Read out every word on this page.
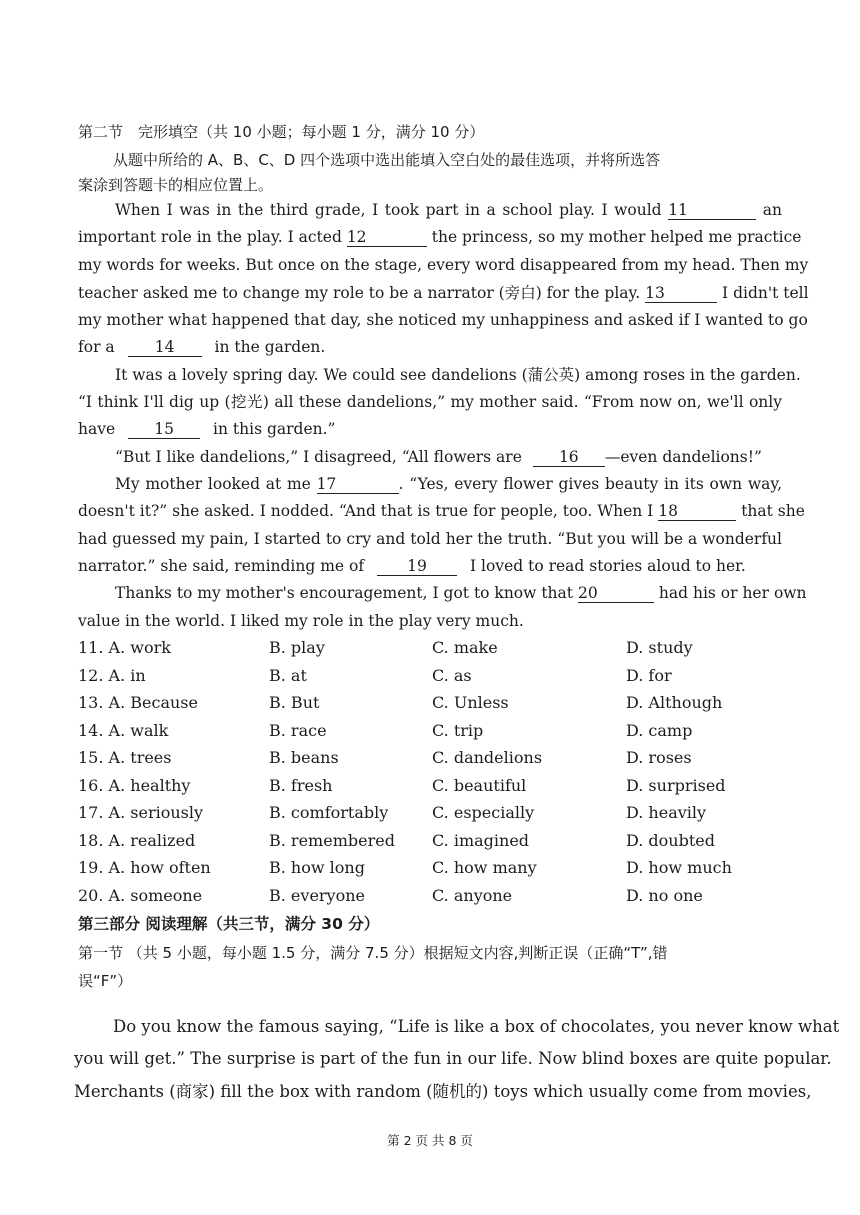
第二节　完形填空（共 10 小题；每小题 1 分，满分 10 分）
从题中所给的 A、B、C、D 四个选项中选出能填入空白处的最佳选项，并将所选答
案涂到答题卡的相应位置上。
When I was in the third grade, I took part in a school play. I would 11	an
important role in the play. I acted 12	the princess, so my mother helped me practice
my words for weeks. But once on the stage, every word disappeared from my head. Then my
teacher asked me to change my role to be a narrator (旁白) for the play. 13	I didn't tell
my mother what happened that day, she noticed my unhappiness and asked if I wanted to go
for a	14	in the garden.
It was a lovely spring day. We could see dandelions (蒲公英) among roses in the garden.
“I think I'll dig up (挖光) all these dandelions,” my mother said. “From now on, we'll only
have	15	in this garden.”
“But I like dandelions,” I disagreed, “All flowers are 16 —even dandelions!”
My mother looked at me 17	. “Yes, every flower gives beauty in its own way,
doesn't it?” she asked. I nodded. “And that is true for people, too. When I 18	that she
had guessed my pain, I started to cry and told her the truth. “But you will be a wonderful
narrator.” she said, reminding me of	19	I loved to read stories aloud to her.
Thanks to my mother's encouragement, I got to know that 20	had his or her own
value in the world. I liked my role in the play very much.
11. A. work	B. play	C. make	D. study
12. A. in	B. at	C. as	D. for
13. A. Because	B. But	C. Unless	D. Although
14. A. walk	B. race	C. trip	D. camp
15. A. trees	B. beans	C. dandelions	D. roses
16. A. healthy	B. fresh	C. beautiful	D. surprised
17. A. seriously	B. comfortably	C. especially	D. heavily
18. A. realized	B. remembered C. imagined	D. doubted
19. A. how often	B. how long	C. how many	D. how much
20. A. someone	B. everyone	C. anyone	D. no one
第三部分 阅读理解（共三节，满分 30 分）
第一节 （共 5 小题，每小题 1.5 分，满分 7.5 分）根据短文内容,判断正误（正确“T”,错
误“F”）
Do you know the famous saying, “Life is like a box of chocolates, you never know what
you will get.” The surprise is part of the fun in our life. Now blind boxes are quite popular.
Merchants (商家) fill the box with random (随机的) toys which usually come from movies,
第 2 页 共 8 页
